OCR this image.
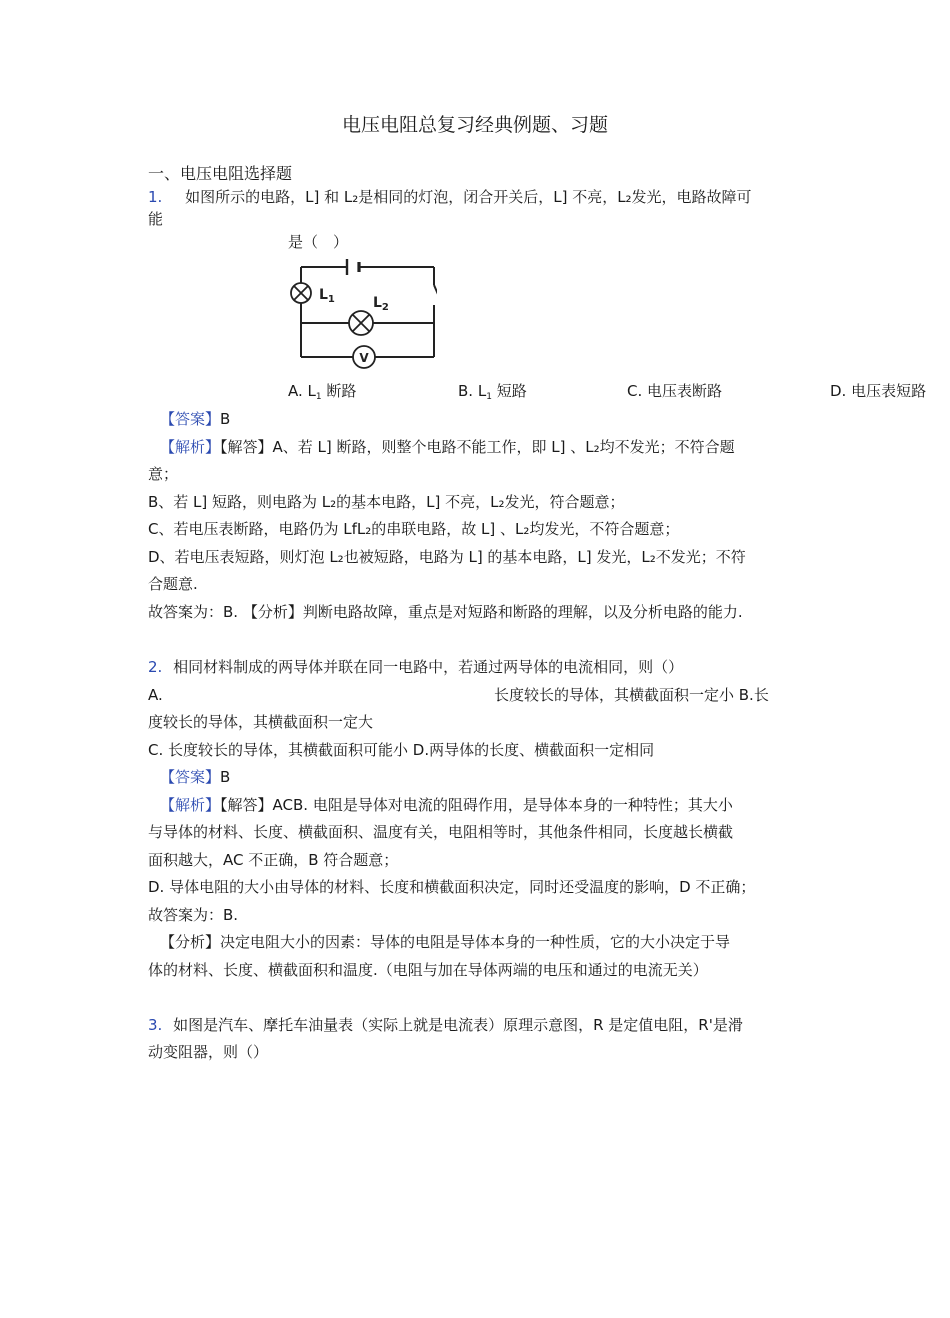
电压电阻总复习经典例题、习题
一、电压电阻选择题
1. 如图所示的电路，L] 和 L₂是相同的灯泡，闭合开关后，L] 不亮，L₂发光，电路故障可
能
是（　）
$L_1$	$L_2$
V
A. $L_1$ 断路	B. $L_1$ 短路	C. 电压表断路	D. 电压表短路
【答案】B
【解析】【解答】A、若 L] 断路，则整个电路不能工作，即 L] 、L₂均不发光；不符合题
意；
B、若 L] 短路，则电路为 L₂的基本电路，L] 不亮，L₂发光，符合题意；
C、若电压表断路，电路仍为 LfL₂的串联电路，故 L] 、L₂均发光，不符合题意；
D、若电压表短路，则灯泡 L₂也被短路，电路为 L] 的基本电路，L] 发光，L₂不发光；不符
合题意.
故答案为：B. 【分析】判断电路故障，重点是对短路和断路的理解，以及分析电路的能力.
2. 相同材料制成的两导体并联在同一电路中，若通过两导体的电流相同，则（）
A.	长度较长的导体，其横截面积一定小 B.长
度较长的导体，其横截面积一定大
C. 长度较长的导体，其横截面积可能小 D.两导体的长度、横截面积一定相同
【答案】B
【解析】【解答】ACB. 电阻是导体对电流的阻碍作用，是导体本身的一种特性；其大小
与导体的材料、长度、横截面积、温度有关，电阻相等时，其他条件相同，长度越长横截
面积越大，AC 不正确，B 符合题意；
D. 导体电阻的大小由导体的材料、长度和横截面积决定，同时还受温度的影响，D 不正确；
故答案为：B.
【分析】决定电阻大小的因素：导体的电阻是导体本身的一种性质，它的大小决定于导
体的材料、长度、横截面积和温度.（电阻与加在导体两端的电压和通过的电流无关）
3. 如图是汽车、摩托车油量表（实际上就是电流表）原理示意图，R 是定值电阻，R'是滑
动变阻器，则（）
